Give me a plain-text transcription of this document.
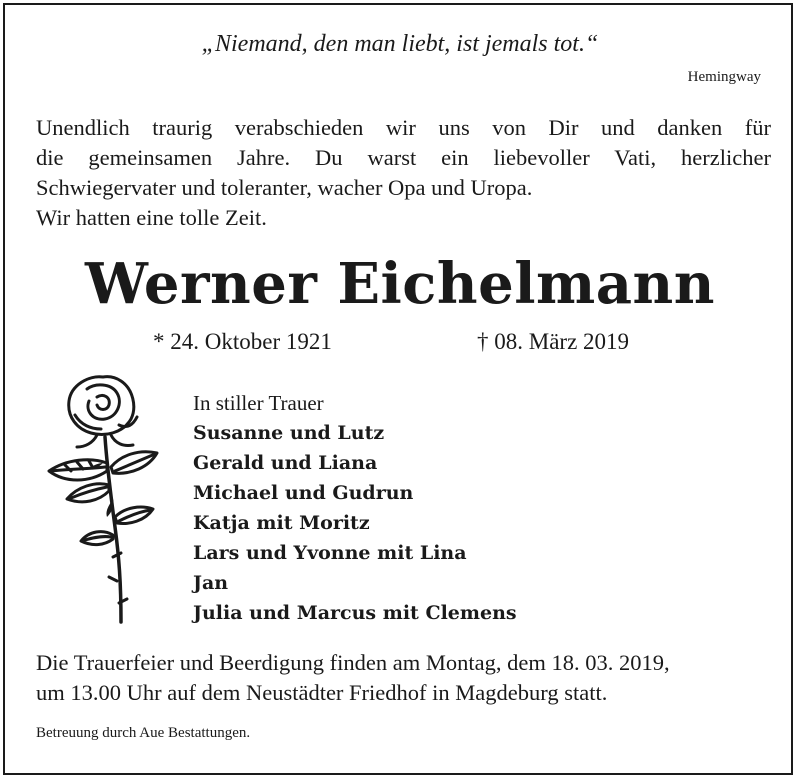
„Niemand, den man liebt, ist jemals tot.“
Hemingway

Unendlich traurig verabschieden wir uns von Dir und danken für

die gemeinsamen Jahre. Du warst ein liebevoller Vati, herzlicher

Schwiegervater und toleranter, wacher Opa und Uropa.

Wir hatten eine tolle Zeit.

Werner Eichelmann
* 24. Oktober 1921	† 08. März 2019
In stiller Trauer
Susanne und Lutz
Gerald und Liana
Michael und Gudrun
Katja mit Moritz
Lars und Yvonne mit Lina
Jan
Julia und Marcus mit Clemens

Die Trauerfeier und Beerdigung finden am Montag, dem 18. 03. 2019,

um 13.00 Uhr auf dem Neustädter Friedhof in Magdeburg statt.

Betreuung durch Aue Bestattungen.
